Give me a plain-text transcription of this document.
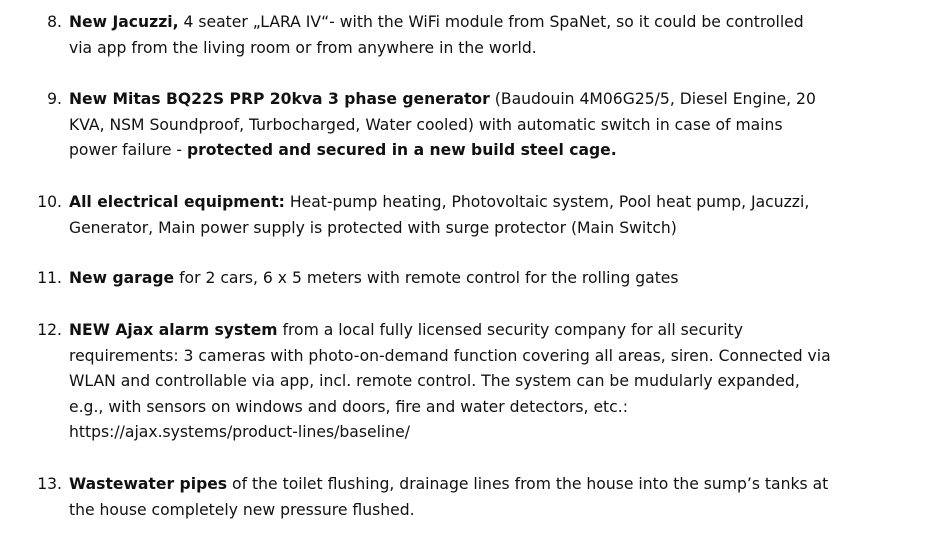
8. New Jacuzzi, 4 seater „LARA IV“- with the WiFi module from SpaNet, so it could be controlled
via app from the living room or from anywhere in the world.
9. New Mitas BQ22S PRP 20kva 3 phase generator (Baudouin 4M06G25/5, Diesel Engine, 20
KVA, NSM Soundproof, Turbocharged, Water cooled) with automatic switch in case of mains
power failure - protected and secured in a new build steel cage.
10. All electrical equipment: Heat-pump heating, Photovoltaic system, Pool heat pump, Jacuzzi,
Generator, Main power supply is protected with surge protector (Main Switch)
11. New garage for 2 cars, 6 x 5 meters with remote control for the rolling gates
12. NEW Ajax alarm system from a local fully licensed security company for all security
requirements: 3 cameras with photo-on-demand function covering all areas, siren. Connected via
WLAN and controllable via app, incl. remote control. The system can be mudularly expanded,
e.g., with sensors on windows and doors, fire and water detectors, etc.:
https://ajax.systems/product-lines/baseline/
13. Wastewater pipes of the toilet flushing, drainage lines from the house into the sump’s tanks at
the house completely new pressure flushed.
